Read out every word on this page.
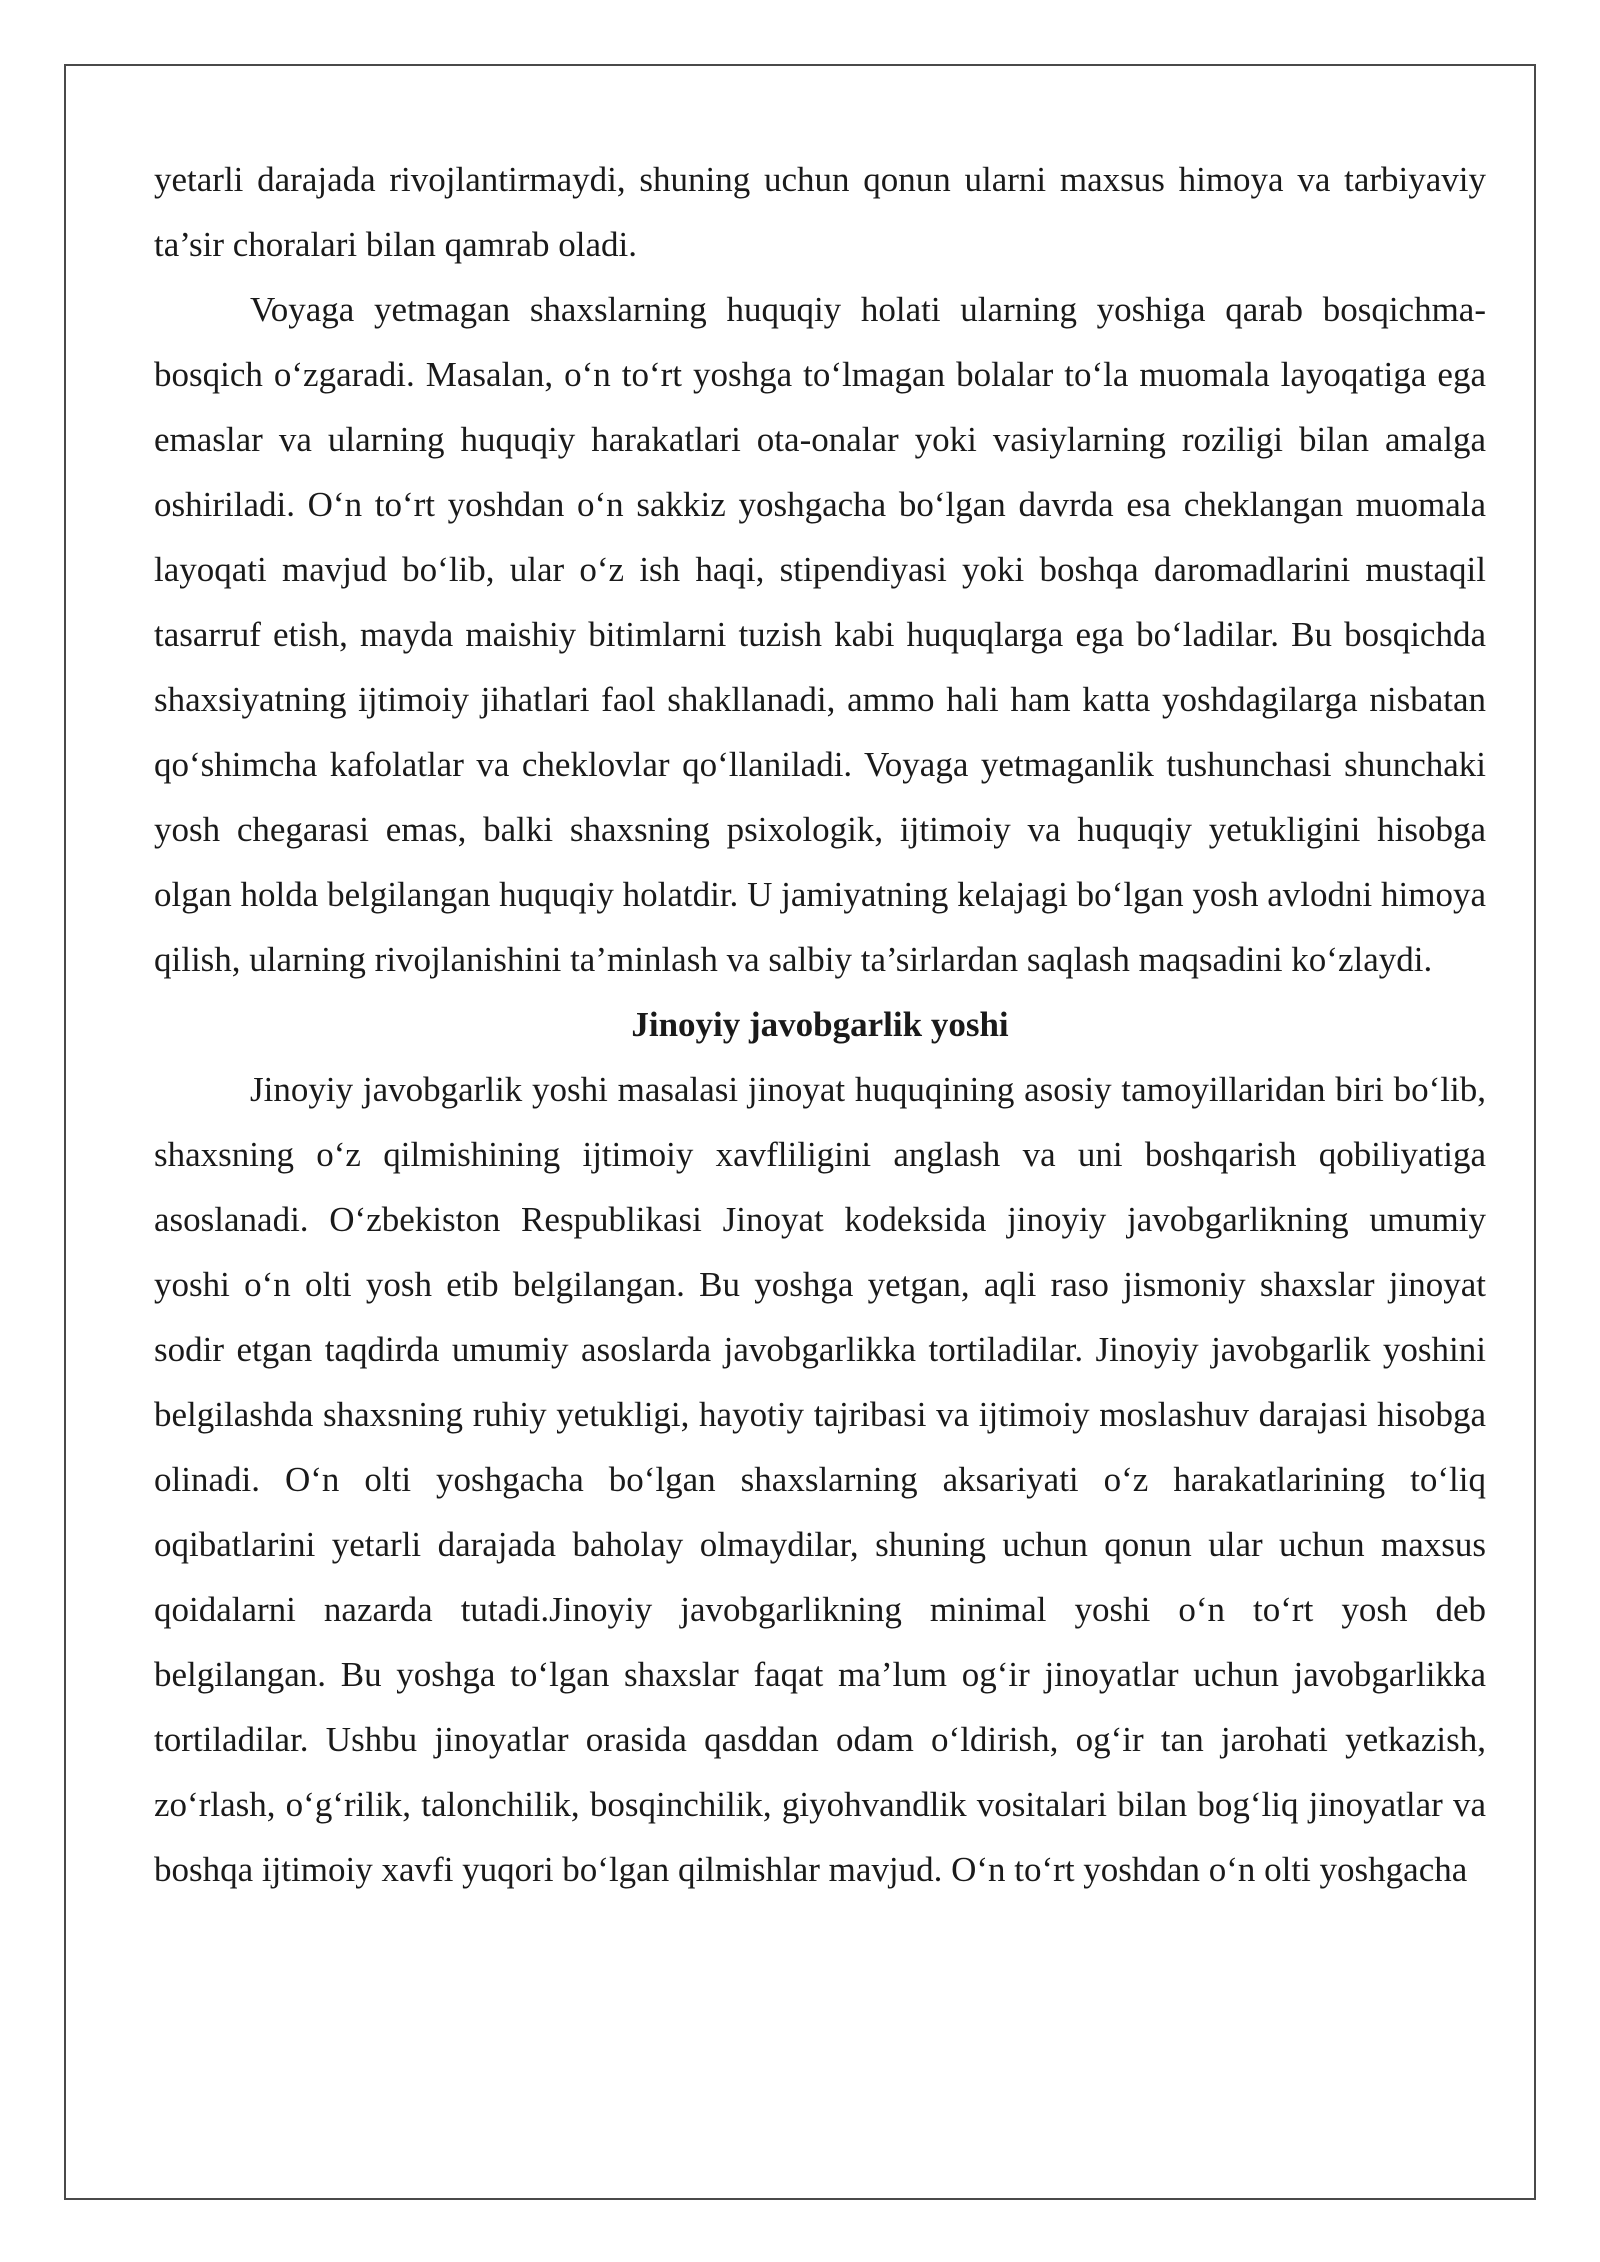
yetarli darajada rivojlantirmaydi, shuning uchun qonun ularni maxsus himoya va tarbiyaviy ta’sir choralari bilan qamrab oladi.

Voyaga yetmagan shaxslarning huquqiy holati ularning yoshiga qarab bosqichma-bosqich o‘zgaradi. Masalan, o‘n to‘rt yoshga to‘lmagan bolalar to‘la muomala layoqatiga ega emaslar va ularning huquqiy harakatlari ota-onalar yoki vasiylarning roziligi bilan amalga oshiriladi. O‘n to‘rt yoshdan o‘n sakkiz yoshgacha bo‘lgan davrda esa cheklangan muomala layoqati mavjud bo‘lib, ular o‘z ish haqi, stipendiyasi yoki boshqa daromadlarini mustaqil tasarruf etish, mayda maishiy bitimlarni tuzish kabi huquqlarga ega bo‘ladilar. Bu bosqichda shaxsiyatning ijtimoiy jihatlari faol shakllanadi, ammo hali ham katta yoshdagilarga nisbatan qo‘shimcha kafolatlar va cheklovlar qo‘llaniladi. Voyaga yetmaganlik tushunchasi shunchaki yosh chegarasi emas, balki shaxsning psixologik, ijtimoiy va huquqiy yetukligini hisobga olgan holda belgilangan huquqiy holatdir. U jamiyatning kelajagi bo‘lgan yosh avlodni himoya qilish, ularning rivojlanishini ta’minlash va salbiy ta’sirlardan saqlash maqsadini ko‘zlaydi.

Jinoyiy javobgarlik yoshi

Jinoyiy javobgarlik yoshi masalasi jinoyat huquqining asosiy tamoyillaridan biri bo‘lib, shaxsning o‘z qilmishining ijtimoiy xavfliligini anglash va uni boshqarish qobiliyatiga asoslanadi. O‘zbekiston Respublikasi Jinoyat kodeksida jinoyiy javobgarlikning umumiy yoshi o‘n olti yosh etib belgilangan. Bu yoshga yetgan, aqli raso jismoniy shaxslar jinoyat sodir etgan taqdirda umumiy asoslarda javobgarlikka tortiladilar. Jinoyiy javobgarlik yoshini belgilashda shaxsning ruhiy yetukligi, hayotiy tajribasi va ijtimoiy moslashuv darajasi hisobga olinadi. O‘n olti yoshgacha bo‘lgan shaxslarning aksariyati o‘z harakatlarining to‘liq oqibatlarini yetarli darajada baholay olmaydilar, shuning uchun qonun ular uchun maxsus qoidalarni nazarda tutadi.Jinoyiy javobgarlikning minimal yoshi o‘n to‘rt yosh deb belgilangan. Bu yoshga to‘lgan shaxslar faqat ma’lum og‘ir jinoyatlar uchun javobgarlikka tortiladilar. Ushbu jinoyatlar orasida qasddan odam o‘ldirish, og‘ir tan jarohati yetkazish, zo‘rlash, o‘g‘rilik, talonchilik, bosqinchilik, giyohvandlik vositalari bilan bog‘liq jinoyatlar va boshqa ijtimoiy xavfi yuqori bo‘lgan qilmishlar mavjud. O‘n to‘rt yoshdan o‘n olti yoshgacha
